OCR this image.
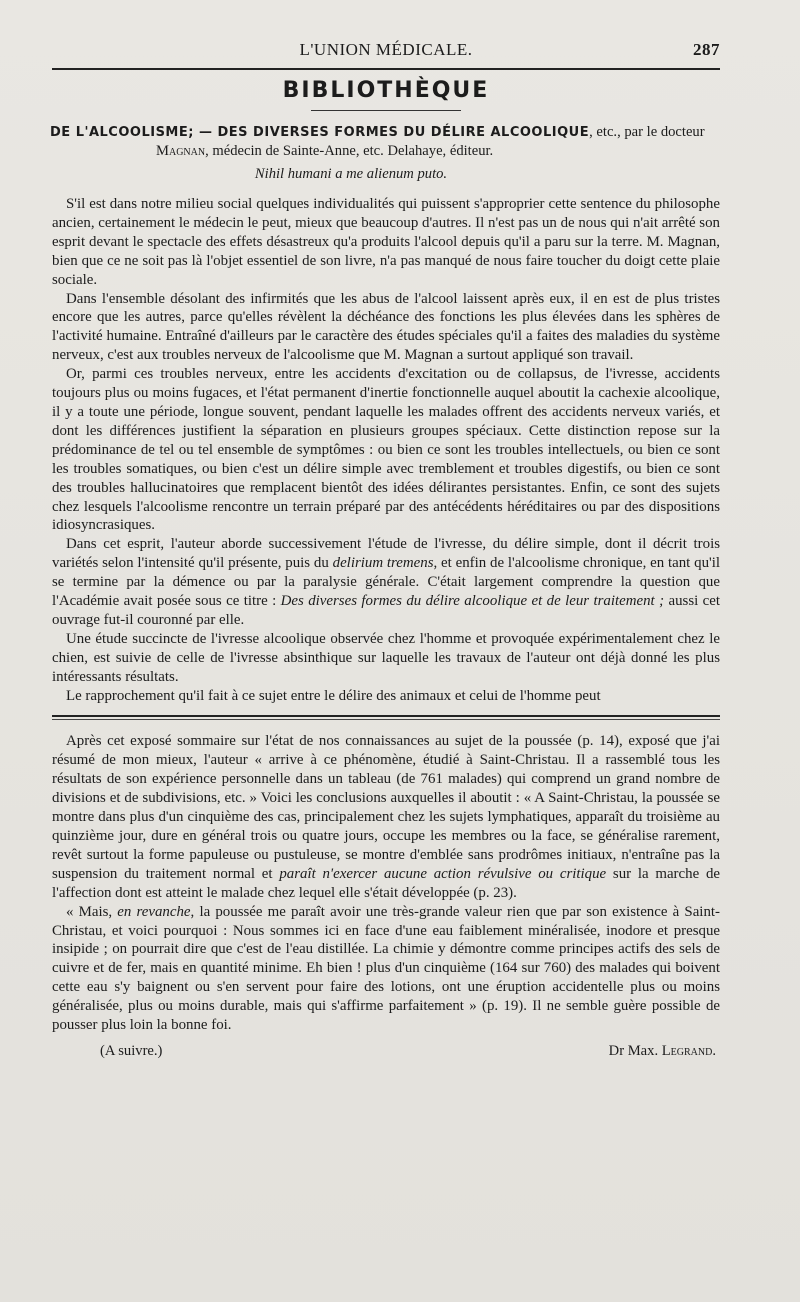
L'UNION MÉDICALE.	287
BIBLIOTHÈQUE
DE L'ALCOOLISME; — DES DIVERSES FORMES DU DÉLIRE ALCOOLIQUE, etc., par le docteur
Magnan, médecin de Sainte-Anne, etc. Delahaye, éditeur.
Nihil humani a me alienum puto.

S'il est dans notre milieu social quelques individualités qui puissent s'approprier cette sentence du philosophe ancien, certainement le médecin le peut, mieux que beaucoup d'autres. Il n'est pas un de nous qui n'ait arrêté son esprit devant le spectacle des effets désastreux qu'a produits l'alcool depuis qu'il a paru sur la terre. M. Magnan, bien que ce ne soit pas là l'objet essentiel de son livre, n'a pas manqué de nous faire toucher du doigt cette plaie sociale.

Dans l'ensemble désolant des infirmités que les abus de l'alcool laissent après eux, il en est de plus tristes encore que les autres, parce qu'elles révèlent la déchéance des fonctions les plus élevées dans les sphères de l'activité humaine. Entraîné d'ailleurs par le caractère des études spéciales qu'il a faites des maladies du système nerveux, c'est aux troubles nerveux de l'alcoolisme que M. Magnan a surtout appliqué son travail.

Or, parmi ces troubles nerveux, entre les accidents d'excitation ou de collapsus, de l'ivresse, accidents toujours plus ou moins fugaces, et l'état permanent d'inertie fonctionnelle auquel aboutit la cachexie alcoolique, il y a toute une période, longue souvent, pendant laquelle les malades offrent des accidents nerveux variés, et dont les différences justifient la séparation en plusieurs groupes spéciaux. Cette distinction repose sur la prédominance de tel ou tel ensemble de symptômes : ou bien ce sont les troubles intellectuels, ou bien ce sont les troubles somatiques, ou bien c'est un délire simple avec tremblement et troubles digestifs, ou bien ce sont des troubles hallucinatoires que remplacent bientôt des idées délirantes persistantes. Enfin, ce sont des sujets chez lesquels l'alcoolisme rencontre un terrain préparé par des antécédents héréditaires ou par des dispositions idiosyncrasiques.

Dans cet esprit, l'auteur aborde successivement l'étude de l'ivresse, du délire simple, dont il décrit trois variétés selon l'intensité qu'il présente, puis du delirium tremens, et enfin de l'alcoolisme chronique, en tant qu'il se termine par la démence ou par la paralysie générale. C'était largement comprendre la question que l'Académie avait posée sous ce titre : Des diverses formes du délire alcoolique et de leur traitement ; aussi cet ouvrage fut-il couronné par elle.

Une étude succincte de l'ivresse alcoolique observée chez l'homme et provoquée expérimentalement chez le chien, est suivie de celle de l'ivresse absinthique sur laquelle les travaux de l'auteur ont déjà donné les plus intéressants résultats.

Le rapprochement qu'il fait à ce sujet entre le délire des animaux et celui de l'homme peut

Après cet exposé sommaire sur l'état de nos connaissances au sujet de la poussée (p. 14), exposé que j'ai résumé de mon mieux, l'auteur « arrive à ce phénomène, étudié à Saint-Christau. Il a rassemblé tous les résultats de son expérience personnelle dans un tableau (de 761 malades) qui comprend un grand nombre de divisions et de subdivisions, etc. » Voici les conclusions auxquelles il aboutit : « A Saint-Christau, la poussée se montre dans plus d'un cinquième des cas, principalement chez les sujets lymphatiques, apparaît du troisième au quinzième jour, dure en général trois ou quatre jours, occupe les membres ou la face, se généralise rarement, revêt surtout la forme papuleuse ou pustuleuse, se montre d'emblée sans prodrômes initiaux, n'entraîne pas la suspension du traitement normal et paraît n'exercer aucune action révulsive ou critique sur la marche de l'affection dont est atteint le malade chez lequel elle s'était développée (p. 23).

« Mais, en revanche, la poussée me paraît avoir une très-grande valeur rien que par son existence à Saint-Christau, et voici pourquoi : Nous sommes ici en face d'une eau faiblement minéralisée, inodore et presque insipide ; on pourrait dire que c'est de l'eau distillée. La chimie y démontre comme principes actifs des sels de cuivre et de fer, mais en quantité minime. Eh bien ! plus d'un cinquième (164 sur 760) des malades qui boivent cette eau s'y baignent ou s'en servent pour faire des lotions, ont une éruption accidentelle plus ou moins généralisée, plus ou moins durable, mais qui s'affirme parfaitement » (p. 19). Il ne semble guère possible de pousser plus loin la bonne foi.

(A suivre.)	Dr Max. Legrand.
